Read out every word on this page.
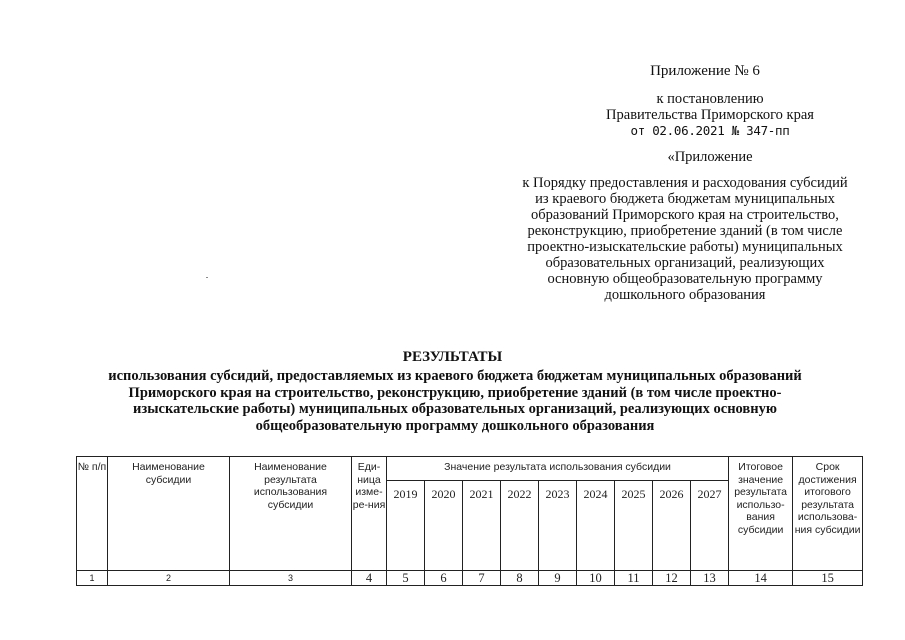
Приложение № 6
к постановлению
Правительства Приморского края
от 02.06.2021 № 347-пп
«Приложение
к Порядку предоставления и расходования субсидий
из краевого бюджета бюджетам муниципальных
образований Приморского края на строительство,
реконструкцию, приобретение зданий (в том числе
проектно-изыскательские работы) муниципальных
образовательных организаций, реализующих
основную общеобразовательную программу
дошкольного образования
РЕЗУЛЬТАТЫ
использования субсидий, предоставляемых из краевого бюджета бюджетам муниципальных образований
Приморского края на строительство, реконструкцию, приобретение зданий (в том числе проектно-
изыскательские работы) муниципальных образовательных организаций, реализующих основную
общеобразовательную программу дошкольного образования
№ п/п	Наименование субсидии	Наименование результата использования субсидии	Еди-ница изме-ре-ния	Значение результата использования субсидии									Итоговое значение результата использо-вания субсидии	Срок достижения итогового результата использова-ния субсидии
				2019	2020	2021	2022	2023	2024	2025	2026	2027		
1	2	3	4	5	6	7	8	9	10	11	12	13	14	15
